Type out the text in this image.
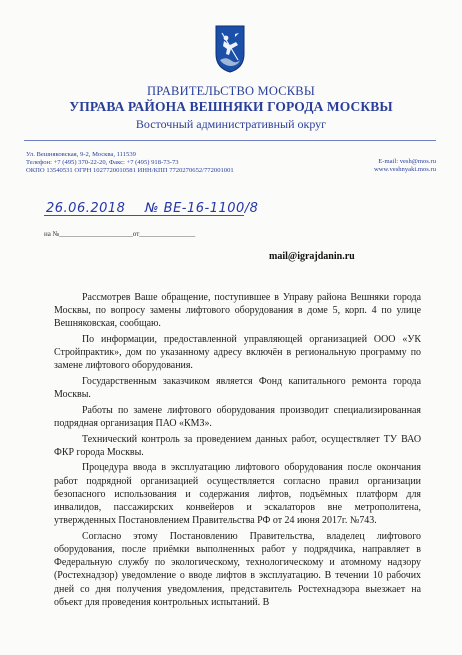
ПРАВИТЕЛЬСТВО МОСКВЫ
УПРАВА РАЙОНА ВЕШНЯКИ ГОРОДА МОСКВЫ
Восточный административный округ
Ул. Вешняковская, 9-2, Москва, 111539
Телефон: +7 (495) 370-22-20, Факс: +7 (495) 918-73-73
ОКПО 13540531 ОГРН 1027720010581 ИНН/КПП 7720270652/772001001
E-mail: vesh@mos.ru
www.veshnyaki.mos.ru
26.06.2018 № ВЕ-16-1100/8
на №_____________________от________________
mail@igrajdanin.ru

Рассмотрев Ваше обращение, поступившее в Управу района Вешняки города Москвы, по вопросу замены лифтового оборудования в доме 5, корп. 4 по улице Вешняковская, сообщаю.

По информации, предоставленной управляющей организацией ООО «УК Стройпрактик», дом по указанному адресу включён в региональную программу по замене лифтового оборудования.

Государственным заказчиком является Фонд капитального ремонта города Москвы.

Работы по замене лифтового оборудования производит специализированная подрядная организация ПАО «КМЗ».

Технический контроль за проведением данных работ, осуществляет ТУ ВАО ФКР города Москвы.

Процедура ввода в эксплуатацию лифтового оборудования после окончания работ подрядной организацией осуществляется согласно правил организации безопасного использования и содержания лифтов, подъёмных платформ для инвалидов, пассажирских конвейеров и эскалаторов вне метрополитена, утвержденных Постановлением Правительства РФ от 24 июня 2017г. №743.

Согласно этому Постановлению Правительства, владелец лифтового оборудования, после приёмки выполненных работ у подрядчика, направляет в Федеральную службу по экологическому, технологическому и атомному надзору (Ростехнадзор) уведомление о вводе лифтов в эксплуатацию. В течении 10 рабочих дней со дня получения уведомления, представитель Ростехнадзора выезжает на объект для проведения контрольных испытаний. В
